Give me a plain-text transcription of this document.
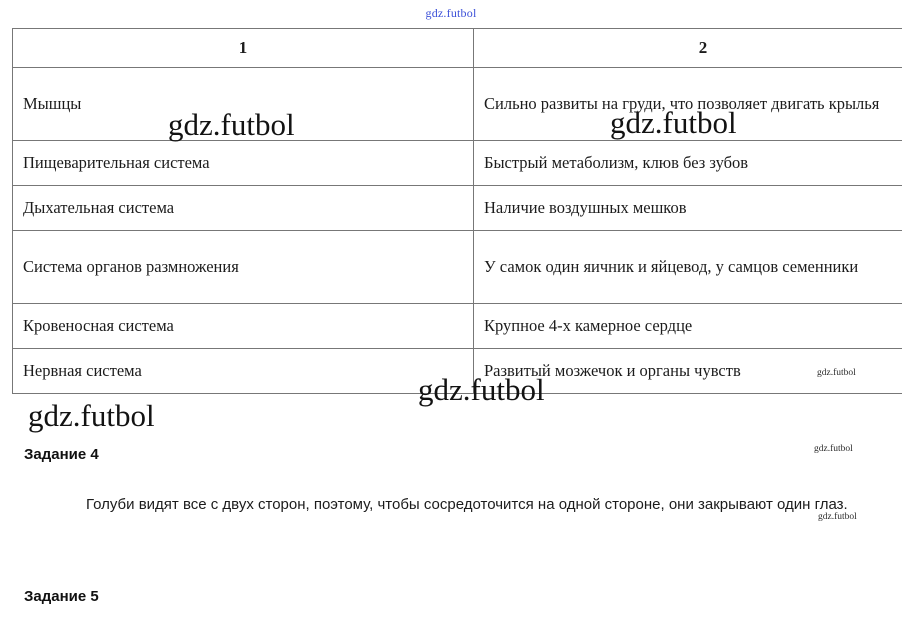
gdz.futbol
1	2
Мышцы	Сильно развиты на груди, что позволяет двигать крылья
Пищеварительная система	Быстрый метаболизм, клюв без зубов
Дыхательная система	Наличие воздушных мешков
Система органов размножения	У самок один яичник и яйцевод, у самцов семенники
Кровеносная система	Крупное 4-х камерное сердце
Нервная система	Развитый мозжечок и органы чувств
Задание 4
Голуби видят все с двух сторон, поэтому, чтобы сосредоточится на одной стороне, они закрывают один глаз.
Задание 5
gdz.futbol	gdz.futbol
gdz.futbol
gdz.futbol	gdz.futbol
gdz.futbol
gdz.futbol
